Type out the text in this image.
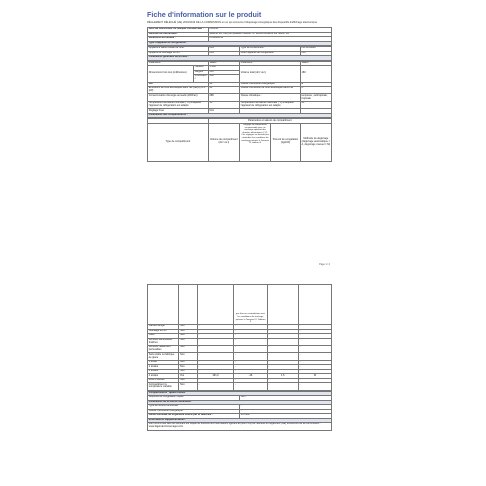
Fiche d'information sur le produit
RÈGLEMENT DÉLÉGUÉ (UE) 2019/2016 DE LA COMMISSION en ce qui concerne l'étiquetage énergétique des dispositifs d'affichage électronique
Nom du fournisseur ou marque commerciale :	FAGOR
Adresse du fournisseur :	Selenie SA, rue pont pelletier couture T1, 92600 Asnières sur Seine, FR
Référence du modèle :	FCA2810SF
Type d'appareil de réfrigération :	
Appareil à faible niveau de bruit :	Non	Type de construction :	Lux encastré
Appareil de stockage du vin :	Non	Autre appareil de réfrigération :	Oui
Paramètres généraux du produit :			
Paramètre		Valeur	Paramètre	Valeur
Dimensions hors tout (millimètres)	Hauteur	1 808	Volume total (dm³ ou l)	180
	Largeur	550		
	Profondeur	568		
IEE		99	Classe d'efficacité énergétique	E
Émissions de bruit acoustique dans l'air (dB(A) re 1 pW)		40	Classe d'émission de bruit acoustique dans l'air	C
Consommation d'énergie annuelle (kWh/an)		288	Classe climatique :	tempérée, subtropicale, tropicale
Température ambiante minimale (°C) à laquelle l'appareil de réfrigération est adapté		10	Température ambiante maximale (°C) à laquelle l'appareil de réfrigération est adapté	43
Réglage hiver		Non		
Paramètres des compartiments :				
	Paramètres et valeurs de compartiment			
Type de compartiment	Volume de compartiment (dm³ ou l)	Réglage de température recommandé pour un stockage optimisé des denrées alimentaires (°C). Ces réglages ne doivent pas contredire les conditions de stockage prévues à l'annexe IV, tableau 3	Pouvoir de congélation (kg/24h)	Méthode de dégivrage (dégivrage automatique = A, dégivrage manuel = M)
Page 1 / 2
			pas être en contradiction avec les conditions de stockage prévues à l'annexe IV, Tableau 3		
Garde-manger	Non	-	-	-	-
Stockage du vin	Non	-	-	-	-
Cave	Non	-	-	-	-
Denrées alimentaires fraîches	Non	-	-	-	-
Denrées hautement périssables	Non	-	-	-	-
Sans étoile ou fabrique de glace	Non	-	-	-	-
1 étoile	Non	-	-	-	-
2 étoiles	Non	-	-	-	-
3 étoiles	Non	-	-	-	-
4 étoiles	Oui	181,0	-18	1,5	M
Zone 2 étoiles	Non	-	-	-	-
Compartiment à température variable	Non	-	-	-	-
Compartiments "quatre étoiles"	
Dispositif de congélation rapide	Non
Paramètres de la source lumineuse :	
Type de source lumineuse :	-
Classe d'efficacité énergétique :	-
Durée minimale de la garantie offerte par le fabricant :	24 mois
Informations supplémentaires :	
Lien vers le site web du fabricant sur lequel se trouvent les informations figurant au point 4 a) de l'annexe du règlement (UE) 2019/2019 de la Commission : www.fagorelectromenager.com	
